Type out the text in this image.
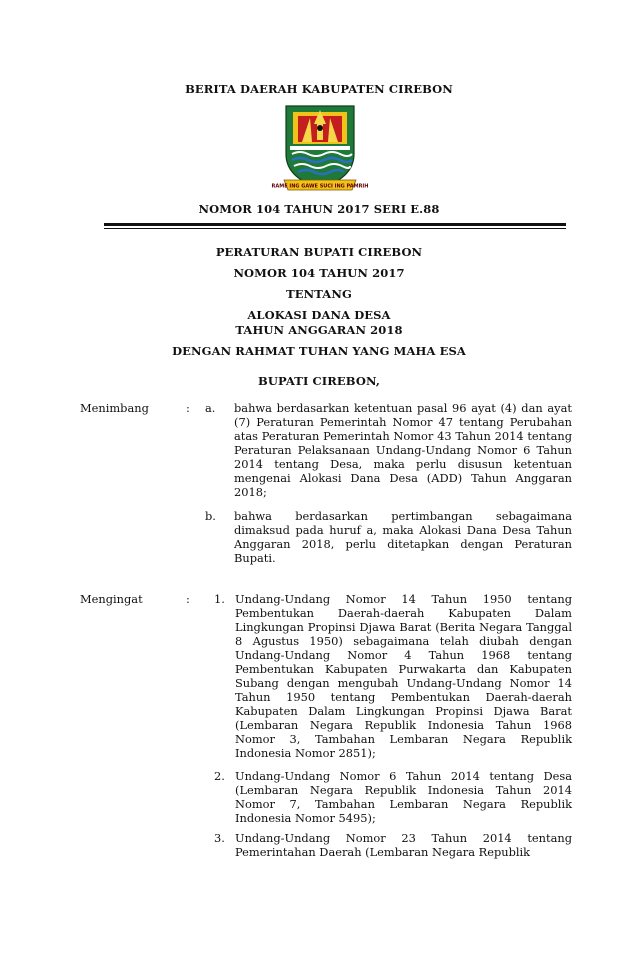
BERITA DAERAH KABUPATEN CIREBON
RAME ING GAWE SUCI ING PAMRIH
NOMOR 104 TAHUN 2017 SERI E.88
PERATURAN BUPATI CIREBON
NOMOR 104 TAHUN 2017
TENTANG
ALOKASI DANA DESA
TAHUN ANGGARAN 2018
DENGAN RAHMAT TUHAN YANG MAHA ESA
BUPATI CIREBON,
Menimbang	: a. bahwa berdasarkan ketentuan pasal 96 ayat (4) dan ayat (7) Peraturan Pemerintah Nomor 47 tentang Perubahan atas Peraturan Pemerintah Nomor 43 Tahun 2014 tentang Peraturan Pelaksanaan Undang-Undang Nomor 6 Tahun 2014 tentang Desa, maka perlu disusun ketentuan mengenai Alokasi Dana Desa (ADD) Tahun Anggaran 2018;
b. bahwa berdasarkan pertimbangan sebagaimana dimaksud pada huruf a, maka Alokasi Dana Desa Tahun Anggaran 2018, perlu ditetapkan dengan Peraturan Bupati.
Mengingat	: 1. Undang-Undang Nomor 14 Tahun 1950 tentang Pembentukan Daerah-daerah Kabupaten Dalam Lingkungan Propinsi Djawa Barat (Berita Negara Tanggal 8 Agustus 1950) sebagaimana telah diubah dengan Undang-Undang Nomor 4 Tahun 1968 tentang Pembentukan Kabupaten Purwakarta dan Kabupaten Subang dengan mengubah Undang-Undang Nomor 14 Tahun 1950 tentang Pembentukan Daerah-daerah Kabupaten Dalam Lingkungan Propinsi Djawa Barat (Lembaran Negara Republik Indonesia Tahun 1968 Nomor 3, Tambahan Lembaran Negara Republik Indonesia Nomor 2851);
2. Undang-Undang Nomor 6 Tahun 2014 tentang Desa (Lembaran Negara Republik Indonesia Tahun 2014 Nomor 7, Tambahan Lembaran Negara Republik Indonesia Nomor 5495);
3. Undang-Undang Nomor 23 Tahun 2014 tentang Pemerintahan Daerah (Lembaran Negara Republik
